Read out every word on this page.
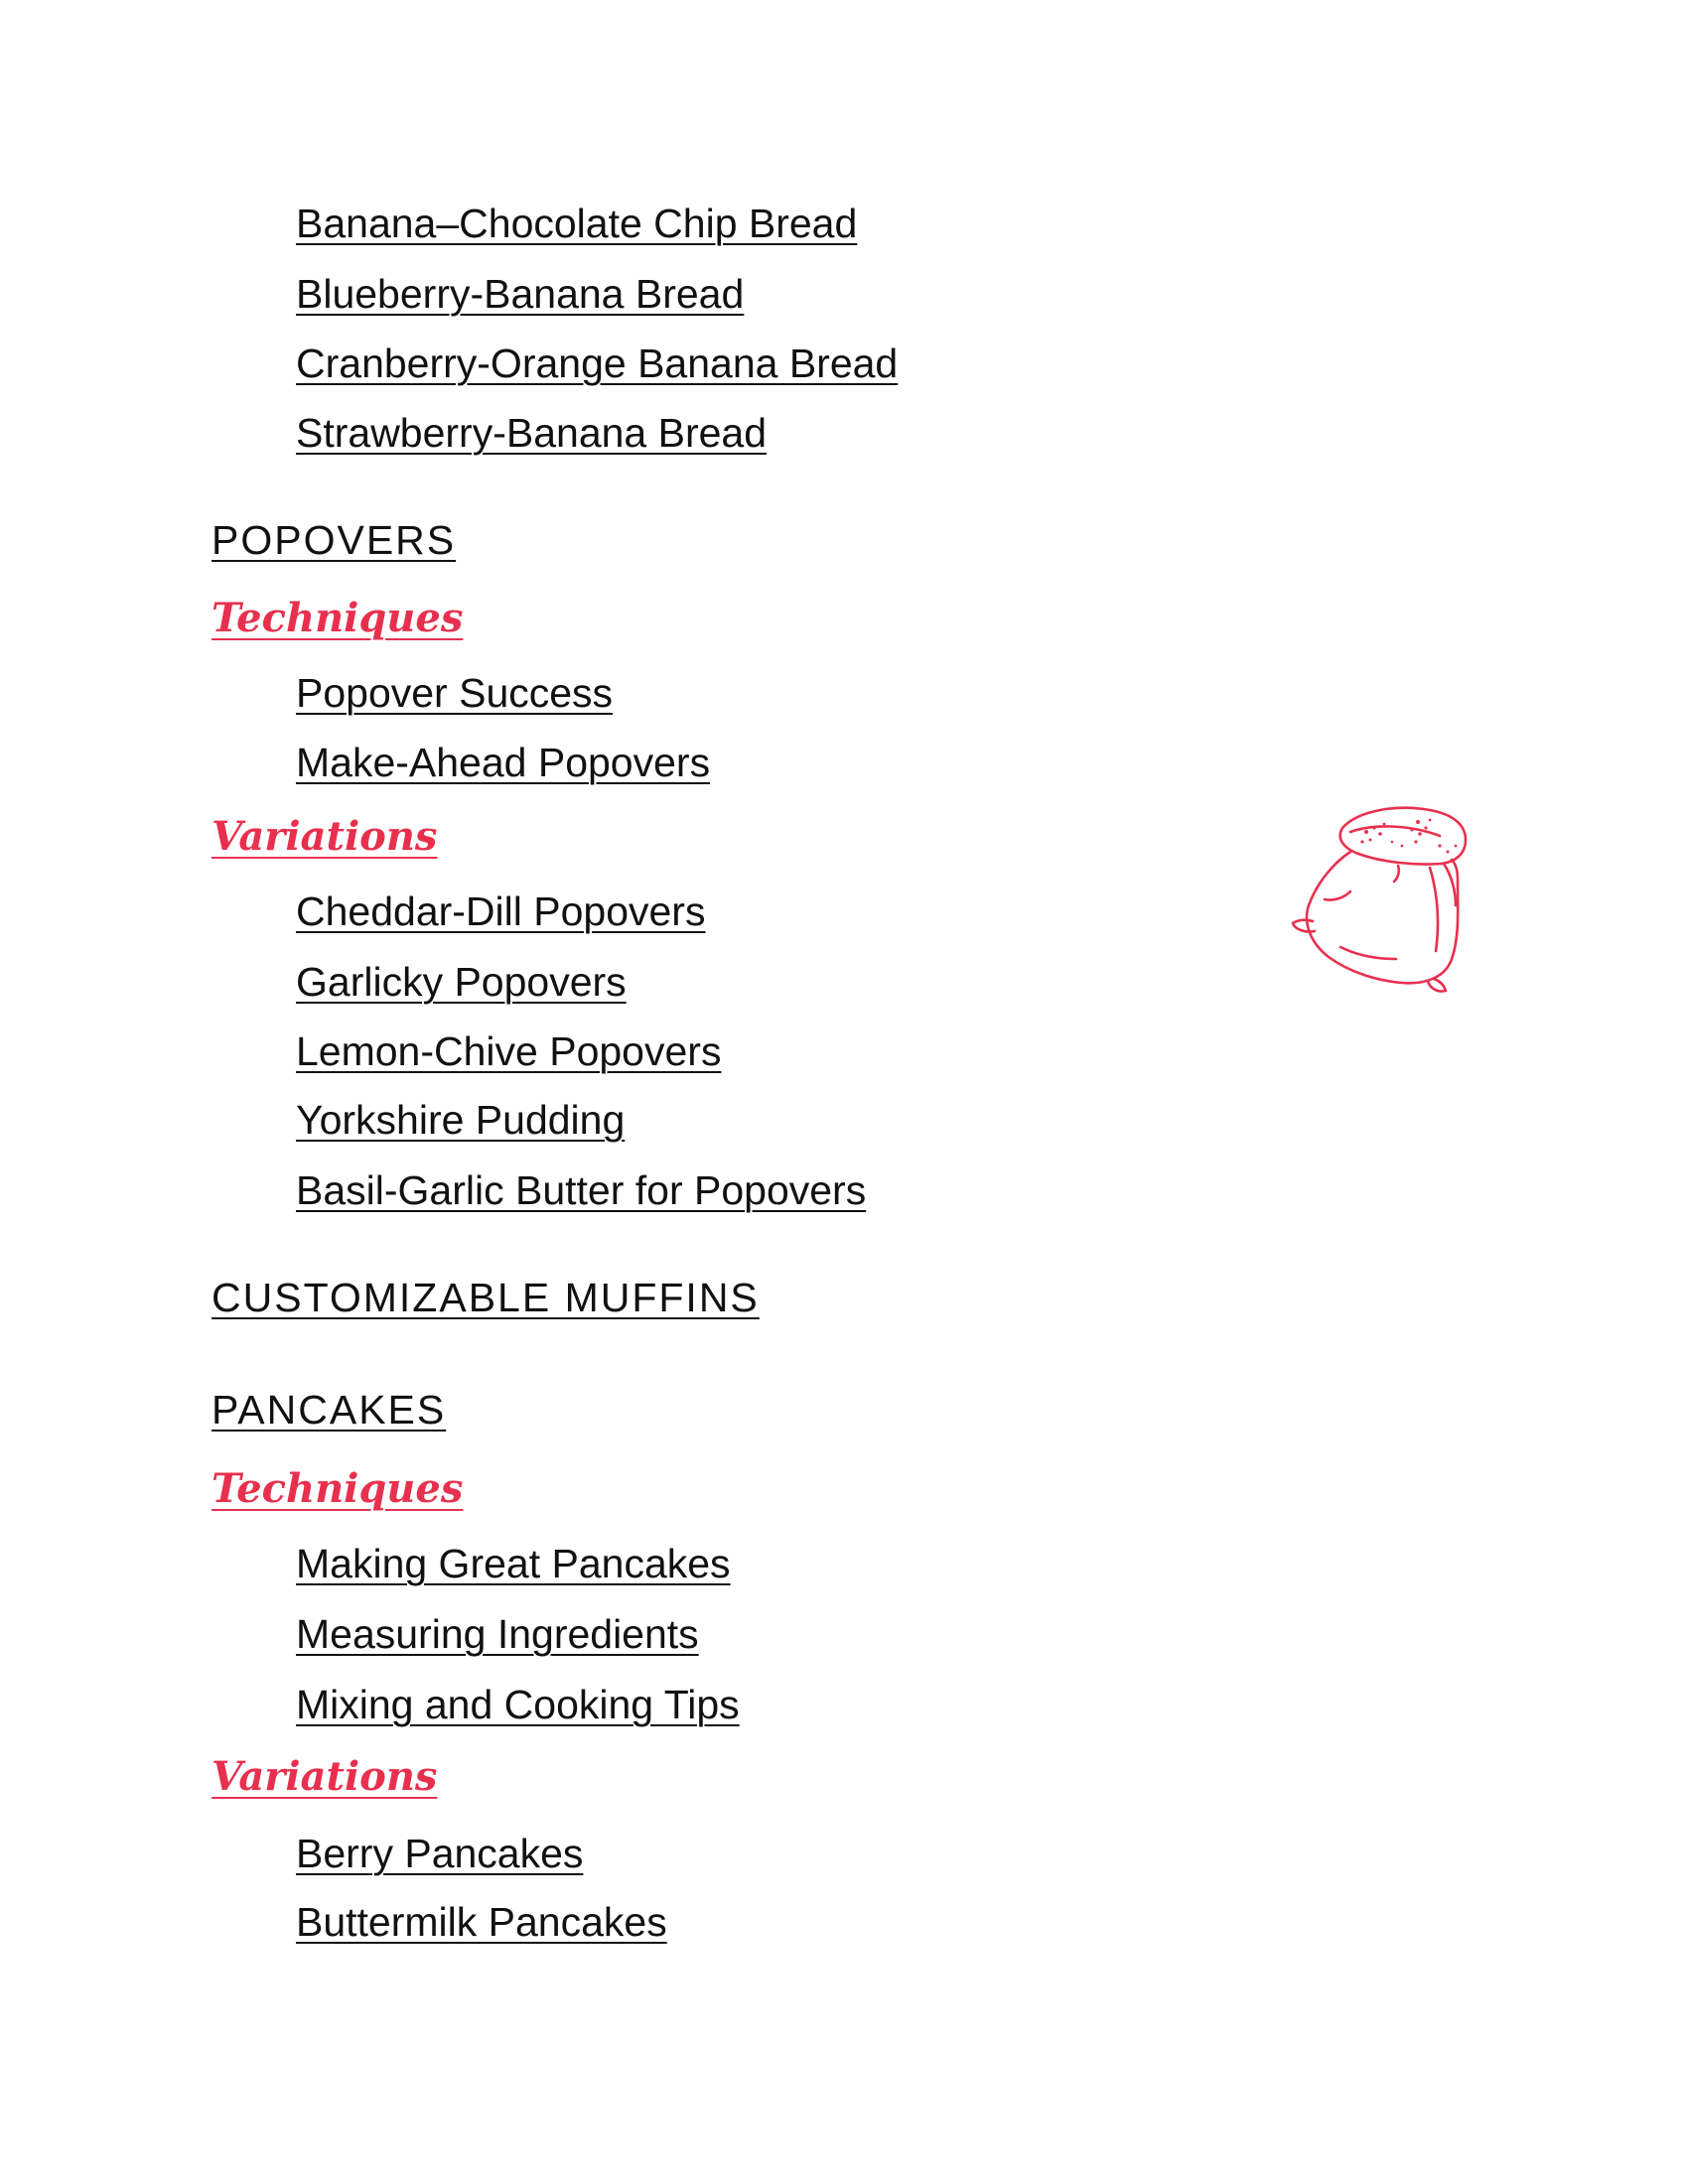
Banana–Chocolate Chip Bread
Blueberry-Banana Bread
Cranberry-Orange Banana Bread
Strawberry-Banana Bread
POPOVERS
Techniques
Popover Success
Make-Ahead Popovers
Variations
Cheddar-Dill Popovers
Garlicky Popovers
Lemon-Chive Popovers
Yorkshire Pudding
Basil-Garlic Butter for Popovers
CUSTOMIZABLE MUFFINS
PANCAKES
Techniques
Making Great Pancakes
Measuring Ingredients
Mixing and Cooking Tips
Variations
Berry Pancakes
Buttermilk Pancakes
